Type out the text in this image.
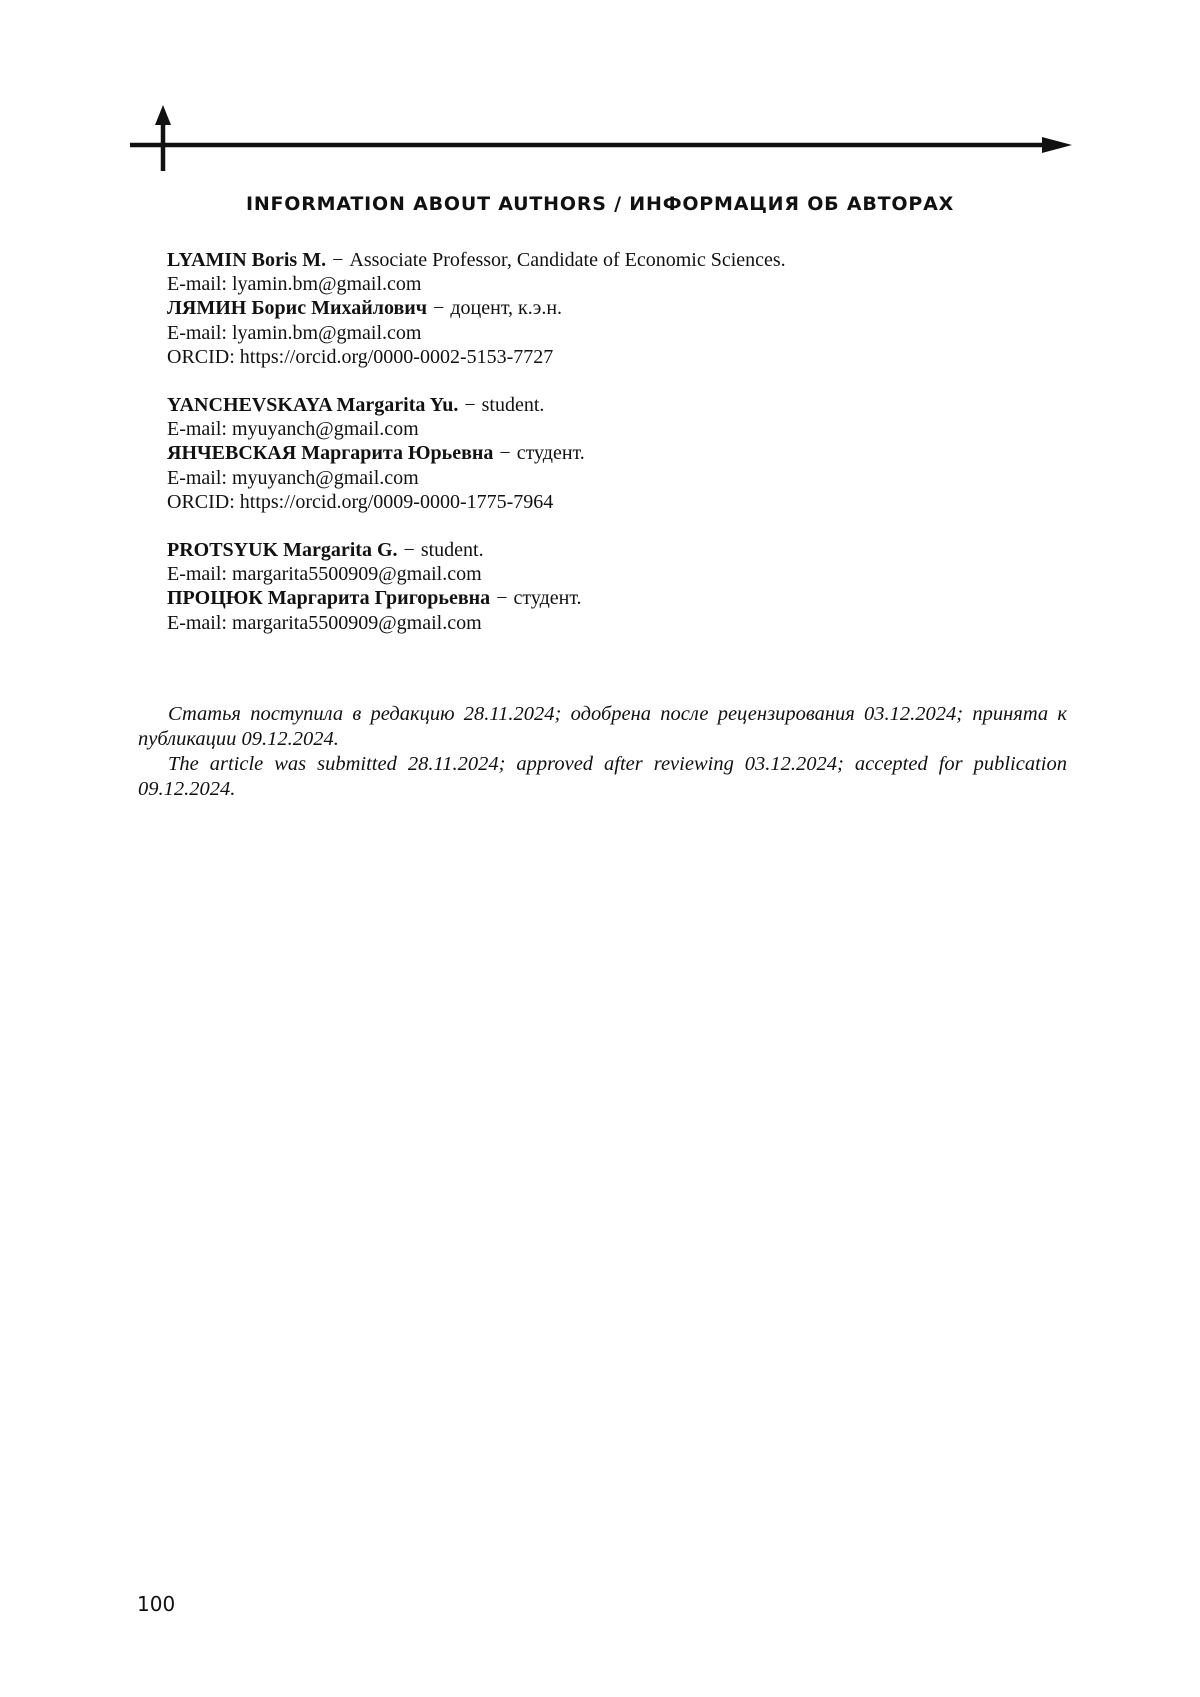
INFORMATION ABOUT AUTHORS / ИНФОРМАЦИЯ ОБ АВТОРАХ
LYAMIN Boris M. − Associate Professor, Candidate of Economic Sciences.
E-mail: lyamin.bm@gmail.com
ЛЯМИН Борис Михайлович − доцент, к.э.н.
E-mail: lyamin.bm@gmail.com
ORCID: https://orcid.org/0000-0002-5153-7727
YANCHEVSKAYA Margarita Yu. − student.
E-mail: myuyanch@gmail.com
ЯНЧЕВСКАЯ Маргарита Юрьевна − студент.
E-mail: myuyanch@gmail.com
ORCID: https://orcid.org/0009-0000-1775-7964
PROTSYUK Margarita G. − student.
E-mail: margarita5500909@gmail.com
ПРОЦЮК Маргарита Григорьевна − студент.
E-mail: margarita5500909@gmail.com

Статья поступила в редакцию 28.11.2024; одобрена после рецензирования 03.12.2024; принята к публикации 09.12.2024.

The article was submitted 28.11.2024; approved after reviewing 03.12.2024; accepted for publication 09.12.2024.

100
